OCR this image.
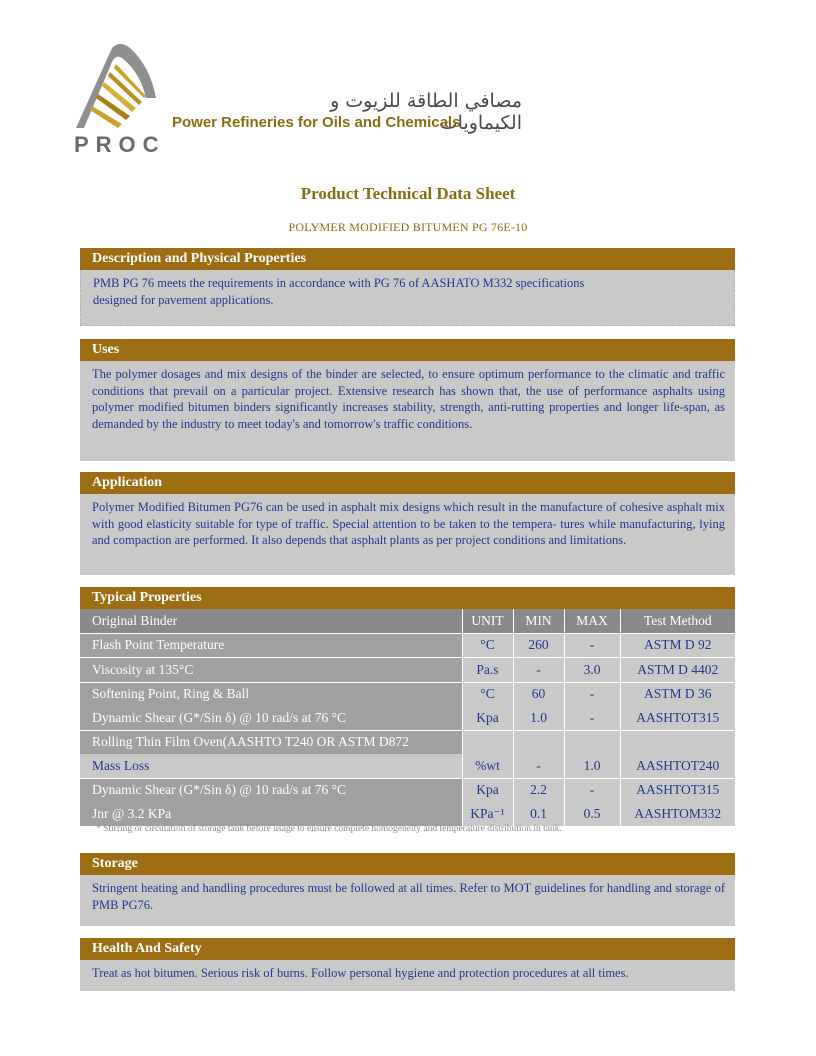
مصافي الطاقة للزيوت و الكيماويات
Power Refineries for Oils and Chemicals
PROC
Product Technical Data Sheet
POLYMER MODIFIED BITUMEN PG 76E-10
Description and Physical Properties
PMB PG 76 meets the requirements in accordance with PG 76 of AASHATO M332 specifications designed for pavement applications.
Uses
The polymer dosages and mix designs of the binder are selected, to ensure optimum performance to the climatic and traffic conditions that prevail on a particular project. Extensive research has shown that, the use of performance asphalts using polymer modified bitumen binders significantly increases stability, strength, anti-rutting properties and longer life-span, as demanded by the industry to meet today's and tomorrow's traffic conditions.
Application
Polymer Modified Bitumen PG76 can be used in asphalt mix designs which result in the manufacture of cohesive asphalt mix with good elasticity suitable for type of traffic. Special attention to be taken to the tempera- tures while manufacturing, lying and compaction are performed. It also depends that asphalt plants as per project conditions and limitations.
Typical Properties
Original Binder	UNIT	MIN	MAX	Test Method
Flash Point Temperature	°C	260	-	ASTM D 92
Viscosity at 135°C	Pa.s	-	3.0	ASTM D 4402
Softening Point, Ring & Ball	°C	60	-	ASTM D 36
Dynamic Shear (G*/Sin δ) @ 10 rad/s at 76 °C	Kpa	1.0	-	AASHTOT315
Rolling Thin Film Oven(AASHTO T240 OR ASTM D872				
Mass Loss	%wt	-	1.0	AASHTOT240
Dynamic Shear (G*/Sin δ) @ 10 rad/s at 76 °C	Kpa	2.2	-	AASHTOT315
Jnr @ 3.2 KPa	KPa⁻¹	0.1	0.5	AASHTOM332
* Stirring or circulation of storage tank before usage to ensure complete homogeneity and temperature distribution in tank.
Storage
Stringent heating and handling procedures must be followed at all times. Refer to MOT guidelines for handling and storage of PMB PG76.
Health And Safety
Treat as hot bitumen. Serious risk of burns. Follow personal hygiene and protection procedures at all times.
